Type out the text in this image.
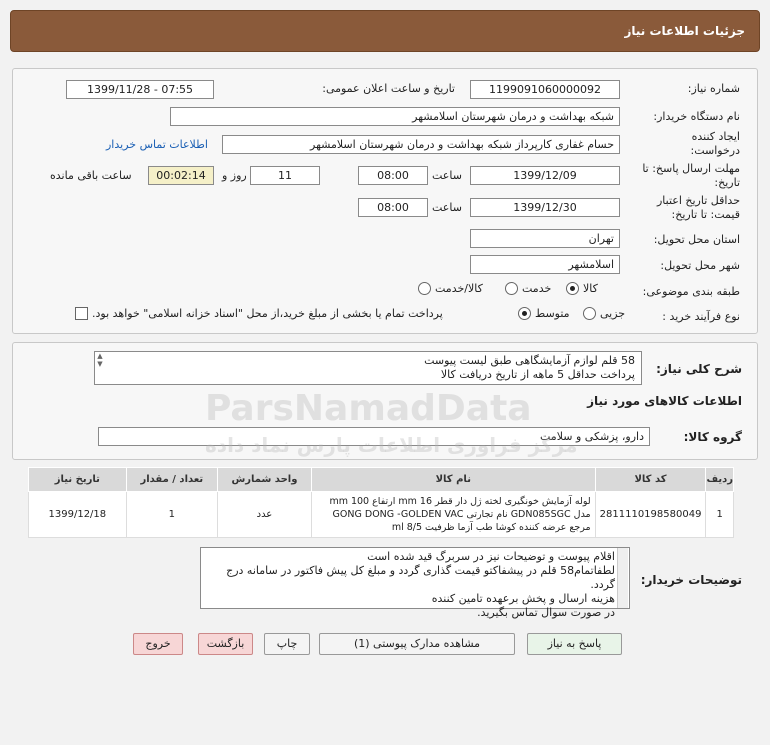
جزئیات اطلاعات نیاز
شماره نیاز:
1199091060000092
تاریخ و ساعت اعلان عمومی:
1399/11/28 - 07:55
نام دستگاه خریدار:
شبکه بهداشت و درمان شهرستان اسلامشهر
ایجاد کننده درخواست:
حسام غفاری کارپرداز شبکه بهداشت و درمان شهرستان اسلامشهر
اطلاعات تماس خریدار
مهلت ارسال پاسخ: تا تاریخ:
1399/12/09
ساعت
08:00
11
روز و
00:02:14
ساعت باقی مانده
حداقل تاریخ اعتبار قیمت: تا تاریخ:
1399/12/30
ساعت
08:00
استان محل تحویل:
تهران
شهر محل تحویل:
اسلامشهر
طبقه بندی موضوعی:
کالا
خدمت
کالا/خدمت
نوع فرآیند خرید :
جزیی
متوسط
پرداخت تمام یا بخشی از مبلغ خرید،از محل "اسناد خزانه اسلامی" خواهد بود.
شرح کلی نیاز:
58 قلم لوازم آزمایشگاهی طبق لیست پیوست
پرداخت حداقل 5 ماهه از تاریخ دریافت کالا
▲
▼
اطلاعات کالاهای مورد نیاز
گروه کالا:
دارو، پزشکی و سلامت
ردیف	کد کالا	نام کالا	واحد شمارش	تعداد / مقدار	تاریخ نیاز
1	2811110198580049	لوله آزمایش خونگیری لخته ژل دار قطر mm 16 ارتفاع mm 100
مدل GDN085SGC نام تجارتی GONG DONG -GOLDEN VAC
مرجع عرضه کننده کوشا طب آزما ظرفیت ml 8/5	عدد	1	1399/12/18
توضیحات خریدار:
اقلام پیوست و توضیحات نیز در سربرگ قید شده است
لطفاتمام58 قلم در پیشفاکتو قیمت گذاری گردد و مبلغ کل پیش فاکتور در سامانه درج گردد.
هزینه ارسال و پخش برعهده تامین کننده
در صورت سوال تماس بگیرید.
پاسخ به نیاز
مشاهده مدارک پیوستی (1)
چاپ
بازگشت
خروج
ParsNamadData
مرکز فراوری اطلاعات پارس نماد داده
